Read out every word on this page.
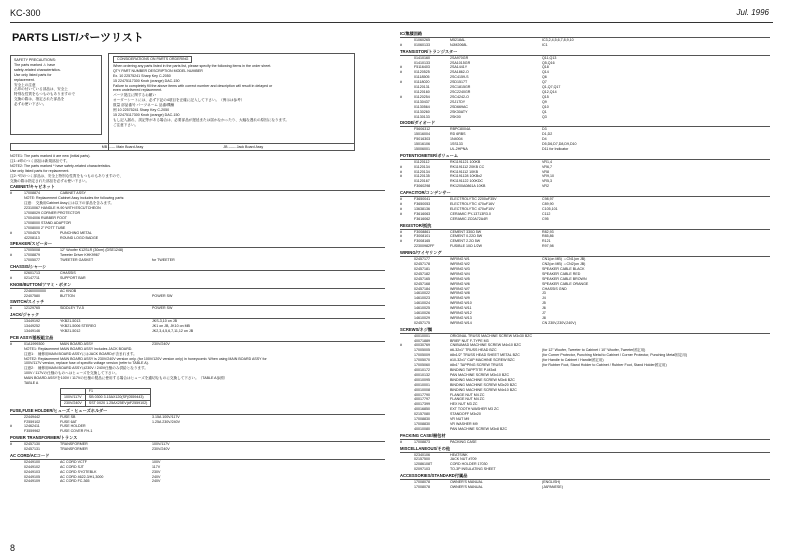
KC-300	Jul. 1996
PARTS LIST/パーツリスト
SAFETY PRECAUTIONS:
The parts marked ⚠ have
safety-related characteristics.
Use only listed parts for
replacement.
安全上の注意
⚠印の付いている部品は、安全上
特別な性質をもつものもありますので
交換の際は、指定された部品を
必ずお使い下さい。
CONSIDERATIONS ON PARTS ORDERING
When ordering any parts listed in the parts list, please specify the following items in the order sheet.
QTY PART NUMBER DESCRIPTION MODEL NUMBER
Ex. 10 22575241 Sharp Key C-2050
15 22475117300 Knob (orange) DAC-150
Failure to completely fill the above items with correct number and description will result in delayed or
even undelivered replacement.
パーツ発注に関するお願い
オーダーシートには、必ず下記の4項目を正確に記入して下さい。（例示は参考）
数量 部品番号 パーツネーム 品番/機種
例 10 22575241 Sharp Key C-2050
15 22475117300 Knob (orange) DAC-150
もし記入漏れ、誤記等がある場合は、必要部品が遅延または届かなかったり、大幅な遅れの原因になります。
ご注意下さい。
MB ------ Main Board Assy	JB ------ Jack Board Assy
NOTE1: The parts marked # are new (initial parts).
注1: #印のつく部品は新規部品です。
NOTE2: The parts marked * have safety-related characteristics.
Use only listed parts for replacement.
注2: *印のつく部品は、安全上特別な性質をもつものもありますので、
交換の際は指定された部品を必ずお使い下さい。
CABINET/キャビネット
#	17008874	CABINET ASSY
NOTE: Replacement Cabinet Assy includes the following parts:
注意： 交換用Cabinet Assyには以下の部品を含みます。
22310067 HANDLE H-90 WITH ESCUTCHEON
17008029 CORNER PROTECTOR
17004006 RUBBER FOOT
17008000 STAND ADAPTOR
17008000 2" POTT TUBE
#	17004575	PUNCHING METAL
42208113	ROUND LOGO BADGE
SPEAKER/スピーカー
17005008	12" Woofer K12SLR (30cm) (DSE1248)
#	17008879	Tweeter Driver KHK9967
17005077	TWEETER GASKET	for TWEETER
CHASSIS/シャーシ
02601713	CHASSIS
#	02147711	SUPPORT BAR
KNOB/BUTTON/ツマミ・ボタン
22460000000	AC KNOB
22407580	BUTTON	POWER SW
SWITCH/スイッチ
#	12129765	SIDDLEY TV-5	POWER SW
JACK/ジャック
13449192	YKB21-5013	JKS-3,10 on JB
13449252	YKB21-5006 STEREO	JK1 on JB, JK10 on MB
13449146	YKB21-5012	JK2,3,4,5,6,7,11,12 on JB
PCB ASSY/基板組立品
#	01A1999300	MAIN BOARD ASSY	230V/240V
NOTE1: Replacement MAIN BOARD ASSY includes JACK BOARD.
注意1： 補修用MAIN BOARD ASSYにはJACK BOARDが含まれます。
NOTE2: Replacement MAIN BOARD ASSY is 230V/240V version only. (for 100V/120V version only) in honeycomb. When using MAIN BOARD ASSY for
100V/117V version, replace fuse of specific voltage version (refer to TABLE A).
注意2： 補修用MAIN BOARD ASSYは230V / 240V仕様のみ供給となります。
100V / 117Vの仕様のものへはヒューズを交換して下さい。
MAIN BOARD ASSYを100V / 117Vの仕様の製品に使用する場合はヒューズを適切なものに交換して下さい。（TABLE A参照）
TABLE A
	F1
100V/117V	SB 0300 3.15AX120(SF(0559443)
230V/240V	SST 0X20 1.25AX25EV(#F2559102)
FUSE,FUSE HOLDER/ヒューズ・ヒューズホルダー
22449442	FUSE SB	3.15A 100V/117V
F2559102	FUSE 6AT	1.25A 230V/240V
#	12462411	FUSE HOLDER
F3559962	FUSE COVER FH-1
POWER TRANSFORMER/トランス
#	02457130	TRANSFORMER	100V/117V
02457131	TRANSFORMER	230V/240V
AC CORD/ACコード
02449100	AC CORD VCTF	100V
02449102	AC CORD SJT	117V
02449103	AC CORD SYOTEBLK	230V
02449105	AC CORD 4622-3/H1,3000	240V
02449109	AC CORD FC-365	240V
IC/集積回路
01060265	M5218AL	IC3,2,4,5,6,7,8,9,10
#	01060133	NJM2068L	IC1
TRANSISTOR/トランジスター
01410160	2SA970GR	Q11,Q13
01410133	2SA1015GR	Q5,Q16
#	F5116403	2SA1441Y	Q18
#	01120525	2SA1862-O	Q14
01118505	2SC4159-S	Q6
#	01118020	2SD1517T	Q7
01120131	2SC1815GR	Q1,Q7,Q17
01120160	2SC2240GR	Q12,Q14
#	01120254	2SC4242-O	Q15
01130437	2SJ17DY	Q9
01130564	2SD669AC	Q10
01130260	2SK30ATY	Q1
01130133	2SK00	Q3
DIODE/ダイオード
F5606312	RBPC8004A	D3
15016004	RD 6RBS	D1,D2
F5016303	1N4004	D4
15016106	1SS133	D5,D6,D7,D8,D9,D10
15006001	UL-2HPNA	D11 for Indicator
POTENTIOMETER/ボリューム
01120112	RK1191121 100KB	VR1,4
#	01120134	RK1191112 20KB CC	VR6,7
#	01120134	RK1191112 10KB	VR8
#	01120135	RK1191128 10KBx2	VR9,10
01120167	RK1191122 100KDC	VR5,3
F3060298	RK1200A0861A 10KB	VR2
CAPACITOR/コンデンサー
#	F3650041	ELECTROLYTIC 2200uF35V	C98,97
#	F3650053	ELECTROLYTIC 470uF16V	C89,90
#	13638136	ELECTROLYTIC 470uF10V	C105,101
#	F3616063	CERAMIC PY-13713R3.0	C112
F3616062	CERAMIC ZC0A72A4R	C95
REGISTOR/抵抗
#	F3008861	CEMENT 330Ω 5W	R82,93
#	F3008101	CEMENT 0.22Ω 5W	R85,86
#	F3008165	CEMENT 2.2Ω 5W	R121
22300982FF	FUSIBLE 10Ω 1/2W	R97,98
WIRING/ワイヤリング
02457177	WIRING W1	CN1(on MB) ⇔CN1(on JB)
02457178	WIRING W2	CN2(on MB) ⇔CN2(on JB)
02457181	WIRING W3	SPEAKER CABLE BLACK
02457182	WIRING W4	SPEAKER CABLE RED
02457165	WIRING W5	SPEAKER CABLE BROWN
02457168	WIRING W6	SPEAKER CABLE ORANGE
02457184	WIRING W7	CHASSIS GND
14610022	WIRING W8	J3
14610023	WIRING W9	J4
14610024	WIRING W10	J5
14610025	WIRING W11	J6
14610026	WIRING W12	J7
14610029	WIRING W13	J8
02457175	WIRING W14	CN 230V,230V,240V)
SCREWS/ネジ類
40010001	ORIGINAL TRUSS MACHINE SCREW M3x30 BZC
40071889	BRIEF NUT F-TYPE M3
#	40030769	CNIBUMAD MACHINE SCREW M4x10 BZC
17005005	#6-32x1" TRUSS HEAD BZC	(for 12" Woofer, Tweeter to Cabinet / 10" Woofer, Tweeter固定用)
17005009	#8x1/2" TRUSS HEAD SHEET METAL BZC	(for Corner Protector, Punching Metal to Cabinet / Corner Protector, Punching Metal固定用)
17005070	#10-32x1" CAP MACHINE SCREW BZC	(for Handle to Cabinet / Handle固定用)
17005060	#8x1" TAPPING SCREW TRUSS	(for Rubber Foot, Stand Holder to Cabinet / Rubber Foot, Stand Holder固定用)
40010172	BINDING TAPPTITE P-M3x8
40010132	PAN MACHINE SCREW M3x10 BZC
40010095	BINDING MACHINE SCREW M3x6 BZC
40010001	BINDING MACHINE SCREW M3x20 BZC
40010008	BINDING MACHINE SCREW M4x10 BZC
40017790	FLANGE NUT M4 ZC
40017797	FLANGE NUT M4 ZC
40017399	HEX NUT M3 ZC
40016850	EXT TOOTH WASHER M3 ZC
02157080	STANDOFF M3x20
17008830	VR NUT M9
17008830	VR WASHER M9
40010080	PAN MACHINE SCREW M3x8 BZC
PACKING CASE/梱包材
#	17008873	PACKING CASE
MISCELLANEOUS/その他
02340106	HEATSINK
02157500	JACK NUT #709
12086108T	CORD HOLDER 17030
02097103	TO-3P INSULATING SHEET
ACCESSORIES/STANDARD付属品
17008078	OWNER'S MANUAL	(ENGLISH)
17008078	OWNER'S MANUAL	(JAPANESE)
8
